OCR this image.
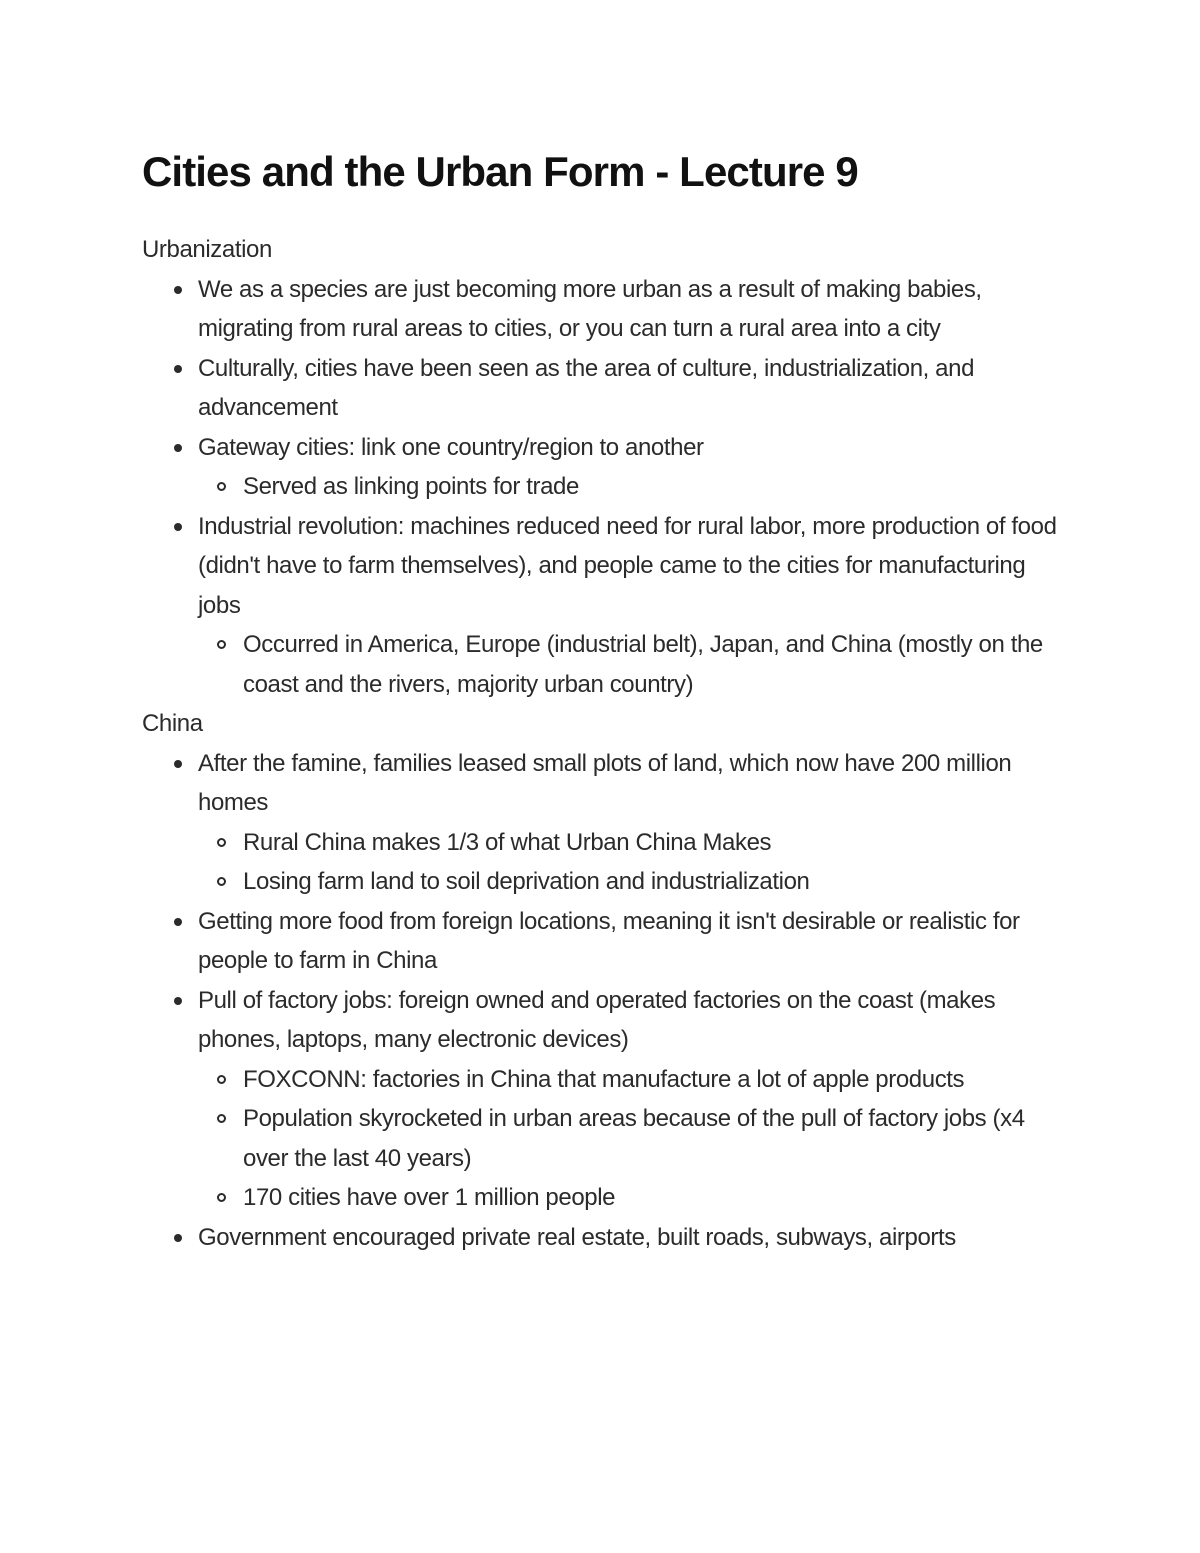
Cities and the Urban Form - Lecture 9
Urbanization
We as a species are just becoming more urban as a result of making babies, migrating from rural areas to cities, or you can turn a rural area into a city
Culturally, cities have been seen as the area of culture, industrialization, and advancement
Gateway cities: link one country/region to another
Served as linking points for trade
Industrial revolution: machines reduced need for rural labor, more production of food (didn't have to farm themselves), and people came to the cities for manufacturing jobs
Occurred in America, Europe (industrial belt), Japan, and China (mostly on the coast and the rivers, majority urban country)
China
After the famine, families leased small plots of land, which now have 200 million homes
Rural China makes 1/3 of what Urban China Makes
Losing farm land to soil deprivation and industrialization
Getting more food from foreign locations, meaning it isn't desirable or realistic for people to farm in China
Pull of factory jobs: foreign owned and operated factories on the coast (makes phones, laptops, many electronic devices)
FOXCONN: factories in China that manufacture a lot of apple products
Population skyrocketed in urban areas because of the pull of factory jobs (x4 over the last 40 years)
170 cities have over 1 million people
Government encouraged private real estate, built roads, subways, airports
